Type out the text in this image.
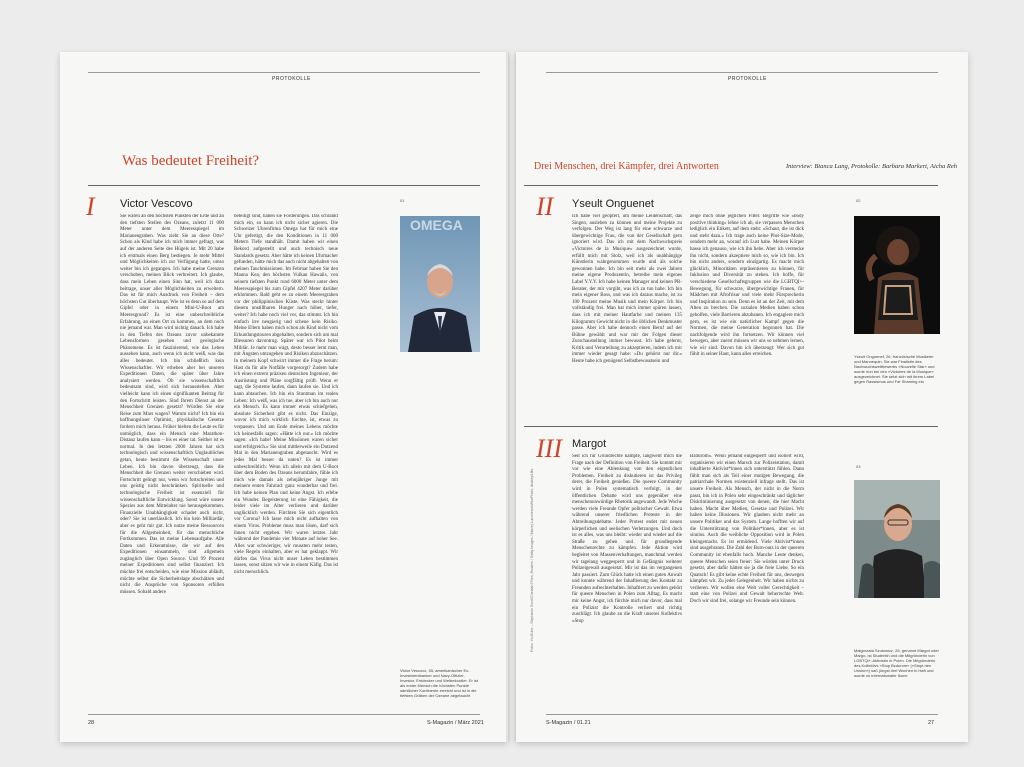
PROTOKOLLE
Was bedeutet Freiheit?
I Victor Vescovo

Sie waren an den höchsten Punkten der Erde und an den tiefsten Stellen des Ozeans, zuletzt 11 000 Meter unter dem Meeresspiegel im Marianengraben. Was zieht Sie an diese Orte? Schon als Kind habe ich mich immer gefragt, was auf der anderen Seite des Hügels ist. Mit 20 habe ich erstmals einen Berg bestiegen. Je mehr Mittel und Möglichkeiten ich zur Verfügung hatte, umso weiter bin ich gegangen. Ich habe meine Grenzen verschoben, meinen Blick verbreitert. Ich glaube, dass mein Leben einen Sinn hat, weil ich dazu beitrage, unser aller Möglichkeiten zu erweitern. Das ist für mich Ausdruck von Freiheit – dem höchsten Gut überhaupt. Wie ist es denn so auf dem Gipfel oder in einem Mini-U-Boot am Meeresgrund? Es ist eine unbeschreibliche Erfahrung, an einen Ort zu kommen, an dem noch nie jemand war. Man wird nichtig danach. Ich habe in den Tiefen des Ozeans zuvor unbekannte Lebensformen gesehen und geologische Phänomene. Es ist faszinierend, wie das Leben aussehen kann, auch wenn ich nicht weiß, was das alles bedeutet. Ich bin schließlich kein Wissenschaftler. Wir erheben aber bei unseren Expeditionen Daten, die später über Jahre analysiert werden. Ob sie wissenschaftlich bedeutsam sind, wird sich herausstellen. Aber vielleicht kann ich einen signifikanten Beitrag für den Fortschritt leisten. Sind Ihrem Dienst an der Menschheit Grenzen gesetzt? Würden Sie eine Reise zum Mars wagen? Warum nicht? Ich bin ein hoffnungsloser Optimist, physikalische Gesetze fordern mich heraus. Früher hielten die Leute es für unmöglich, dass ein Mensch eine Marathon-Distanz laufen kann – bis es einer tat. Seither ist es normal. In den letzten 2000 Jahren hat sich technologisch und wissenschaftlich Unglaubliches getan, heute bestimmt die Wissenschaft unser Leben. Ich bin davon überzeugt, dass die Menschheit die Grenzen weiter verschieben wird. Fortschritt gelingt nur, wenn wir fortschreiten und uns geistig nicht beschränken. Spirituelle und technologische Freiheit ist essenziell für wissenschaftliche Entwicklung. Sonst wäre unsere Spezies aus dem Mittelalter nie herausgekommen. Finanzielle Unabhängigkeit schadet auch nicht, oder? Sie ist unerlässlich. Ich bin kein Milliardär, aber es geht mir gut. Ich nutze meine Ressourcen für die Allgemeinheit, für das menschliche Fortkommen. Das ist meine Lebensaufgabe. Alle Daten und Erkenntnisse, die wir auf den Expeditionen einsammeln, sind allgemein zugänglich über Open Source. Und 99 Prozent meiner Expeditionen sind selbst finanziert. Ich möchte frei entscheiden, wie eine Mission abläuft, möchte selbst die Sicherheitslage abschätzen und nicht die Ansprüche von Sponsoren erfüllen müssen. Sobald andere

beteiligt sind, haben sie Forderungen. Das schränkt mich ein, so kann ich nicht sicher agieren. Die Schweizer Uhrenfirma Omega hat für mich eine Uhr gefertigt, die den Konditionen in 11 000 Metern Tiefe standhält. Damit haben wir einen Rekord aufgestellt und auch technisch neue Standards gesetzt. Aber hätte ich keinen Uhrmacher gefunden, hätte mich das auch nicht abgehalten von meinen Tauchmissionen. Im Februar haben Sie den Mauna Kea, den höchsten Vulkan Hawaiis, von seinem tiefsten Punkt rund 6000 Meter unter dem Meeresspiegel bis zum Gipfel 4207 Meter darüber erklommen. Bald geht es zu einem Meeresgraben vor der philippinischen Küste. Was steckt hinter diesem unstillbaren Hunger nach höher, tiefer, weiter? Ich habe noch viel vor, das stimmt. Ich bin einfach irre neugierig und scheue kein Risiko. Meine Eltern haben mich schon als Kind nicht vom Erkundungstouren abgehalten, sondern sich um mal Blessuren davontrug. Später war ich Pilot beim Militär. Je mehr man wagt, desto besser lernt man, mit Ängsten umzugehen und Risiken abzuschätzen. In meinem Kopf schwirrt immer die Frage herum: Hast du für alle Notfälle vorgesorgt? Zudem habe ich einen extrem präzisen deutschen Ingenieur, der Ausrüstung und Pläne sorgfältig prüft. Wenn er sagt, die Systeme laufen, dann laufen sie. Und ich kann abtauchen. Ich bin ein Stuntman im realen Leben: Ich weiß, was ich tue, aber ich bin auch nur ein Mensch. Es kann immer etwas schiefgehen, absolute Sicherheit gibt es nicht. Das Einzige, wovor ich mich wirklich fürchte, ist, etwas zu verpassen. Und am Ende meines Lebens möchte ich keinesfalls sagen: «Hätte ich nur.» Ich möchte sagen: «Ich habe! Meine Missionen waren sicher und erfolgreich.» Sie sind mittlerweile ein Dutzend Mal in den Marianengraben abgetaucht. Wird es jedes Mal besser da unten? Es ist immer unbeschreiblich: Wenn ich allein mit dem U-Boot über dem Boden des Ozeans herumfahre, fühle ich mich wie damals als zehnjähriger Junge mit meinem ersten Fahrrad: ganz wunderbar und frei. Ich habe keinen Plan und keine Angst. Ich erlebe ein Wunder. Begeisterung ist eine Fähigkeit, die leider viele im Alter verlieren und darüber unglücklich werden. Fürchten Sie sich eigentlich vor Corona? Ich lasse mich nicht aufhalten von einem Virus. Probleme muss man lösen, darf sich ihnen nicht ergeben. Wir waren letztes Jahr während der Pandemie vier Monate auf hoher See. Alles war schwieriger, wir mussten mehr testen, viele Regeln einhalten, aber es hat geklappt. Wir dürfen das Virus nicht unser Leben bestimmen lassen, sonst sitzen wir wie in einem Käfig. Das ist nicht menschlich.

01
OMEGA
Victor Vescovo, 55, amerikanischer Ex-Investmentbanker und Navy-Offizier, Investor, Entdecker und Weltrekordler. Er ist als erster Mensch die höchsten Punkte sämtlicher Kontinente erreicht und ist in die tiefsten Gräben der Ozeane abgetaucht
28	S-Magazin / März 2021
PROTOKOLLE
Drei Menschen, drei Kämpfer, drei Antworten	Interview: Bianca Lang, Protokolle: Barbara Markert, Aicha Reh
II Yseult Onguenet

Ich habe viel geopfert, um meine Leidenschaft, das Singen, ausleben zu können und meine Projekte zu verfolgen. Der Weg ist lang für eine schwarze und übergewichtige Frau, die von der Gesellschaft gern ignoriert wird. Das ich mit dem Nachwuchspreis «Victoires de la Musique» ausgezeichnet wurde, erfüllt mich mit Stolz, weil ich als unabhängige Künstlerin wahrgenommen wurde und als solche gewonnen habe. Ich bin seit mehr als zwei Jahren meine eigene Produzentin, betreibe mein eigenes Label Y.Y.Y. Ich habe keinen Manager und keinen PR-Berater, der mir vorgibt, was ich zu tun habe. Ich bin mein eigener Boss, und was ich daraus mache, ist zu 100 Prozent meine Musik und mein Körper. Ich bin vollständig frei. Man hat mich immer spüren lassen, dass ich mit meiner Hautfarbe und meinen 135 Kilogramm Gewicht nicht in die üblichen Denkmuster passe. Aber ich habe dennoch einen Beruf auf der Bühne gewählt und war mir der Folgen dieser Zurschaustellung immer bewusst. Ich habe gelernt, Kritik und Verurteilung zu akzeptieren, indem ich mir immer wieder gesagt habe: «Du gehörst nur dir.» Heute habe ich genügend Selbstbewusstsein und

zeige mich ohne jeglichen Filter. Begriffe wie «body positive thinking» lehne ich ab, sie verpassen Menschen lediglich ein Etikett, auf dem steht: «Schaut, die ist dick und steht dazu.» Ich trage auch keine Plus-Size-Mode, sondern mehr an, worauf ich Lust habe. Meinen Körper hasse ich genauso, wie ich ihn liebe. Aber ich verstecke ihn nicht, sondern akzeptiere mich so, wie ich bin. Ich bin nicht anders, sondern einzigartig. Es macht mich glücklich, Minoritäten repräsentieren zu können, für Inklusion und Diversität zu stehen. Ich hoffe, für verschiedene Gesellschaftsgruppen wie die LGBTQI+-Bewegung, für schwarze, übergewichtige Frauen, für Mädchen mit Afrofrisur und viele mehr Fürsprecherin und Inspiration zu sein. Denn es ist an der Zeit, mit dem Alten zu brechen. Die sozialen Medien haben schon geholfen, viele Barrieren abzubauen. Ich engagiere mich gern, es ist wie ein natürlicher Kampf gegen die Normen, die meine Generation begonnen hat. Die nachfolgende wird ihn fortsetzen. Wir können viel bewegen, aber zuerst müssen wir uns so nehmen lernen, wie wir sind. Davon bin ich überzeugt: Wer sich gut fühlt in seiner Haut, kann alles erreichen.

02
Yseult Onguenet, 26, französische Musikerin und Mannequin. Sie war Finalistin des Nachwuchswettbewerbs «Nouvelle Star» und wurde nun bei den «Victoires de la Musique» ausgezeichnet. Sie setzt sich mit ihrem Label gegen Rassismus und Fat Shaming ein
III Margot

Seit ich für Grundrechte kämpfe, langweilt mich die Frage nach der Definition von Freiheit. Sie kommt mir vor wie eine Ablenkung von den eigentlichen Problemen. Freiheit zu diskutieren ist das Privileg derer, die Freiheit genießen. Die queere Community wird in Polen systematisch verfolgt, in der öffentlichen Debatte wird uns gegenüber eine menschenunwürdige Rhetorik angewandt. Jede Woche werden viele Freunde Opfer politischer Gewalt. Etwa während unserer friedlichen Proteste in der Abtreibungsdebatte. Jeder Protest endet mit neuen körperlichen und seelischen Verletzungen. Und doch ist es alles, was uns bleibt: wieder und wieder auf die Straße zu gehen und für grundlegende Menschenrechte zu kämpfen. Jede Aktion wird begleitet von Massenverhaftungen, manchmal werden wir tagelang weggesperrt und in Gefängnis weiterer Polizeigewalt ausgesetzt. Mir ist das im vergangenen Jahr passiert. Zum Glück hatte ich einen guten Anwalt und konnte während der Inhaftierung den Kontakt zu Freunden aufrechterhalten. Inhaftiert zu werden gehört für queere Menschen in Polen zum Alltag. Es macht mir keine Angst, ich fürchte mich nur davor, dass mal ein Polizist die Kontrolle verliert und richtig zuschlägt. Ich glaube an die Kraft unseres Kollektivs «Stop

Bzdurom». Wenn jemand eingesperrt und isoliert wird, organisieren wir einen Marsch zur Polizeistation, damit inhaftierte Aktivist*innen sich unterstützt fühlen. Dann fühlt man sich als Teil einer mutigen Bewegung, die patriarchale Normen existenziell infrage stellt. Das ist unsere Freiheit. Als Mensch, der nicht in die Norm passt, bin ich in Polen sehr eingeschränkt und täglicher Diskriminierung ausgesetzt von denen, die hier Macht haben. Macht über Medien, Gesetze und Polizei. Wir haben keine Illusionen. Wir glauben nicht mehr an unsere Politiker und das System. Lange hofften wir auf die Unterstützung von Politiker*innen, aber es ist sinnlos. Auch die weibliche Opposition wird in Polen kleingemacht. Es ist ermüdend. Viele Aktivist*innen sind ausgebrannt. Die Zahl der Burn-outs in der queeren Community ist ebenfalls hoch. Manche Leute denken, queere Menschen seien freier: Sie würden unter Druck gesetzt, aber dafür hätten sie ja die freie Liebe. So ein Quatsch! Es gibt keine echte Freiheit für uns, deswegen kämpfen wir. Zu jeder Gelegenheit. Wir haben nichts zu verlieren. Wir wollen eine Welt voller Gerechtigkeit – statt eine von Polizei und Gewalt beherrschte Welt. Doch wir sind frei, solange wir Freunde sein können.

03
Małgorzata Szutowicz, 26, genannt Margot oder Margo, ist Studentin und die Mitgründerin von LGBTQI+-Aktivistin in Polen. Die Mitgründerin des Kollektivs «Stop Bzdurom» (»Stopt den Unsinn«) saß jüngst drei Wochen in Haft und wurde zu internationaler Ikone
Fotos: YouTube – Stephanie Sorel/Cheetah Films, Reuters / Getty Images / Maciej Luczniewski/NurPhoto, Andrey/Ulta
S-Magazin / 01.21	27
